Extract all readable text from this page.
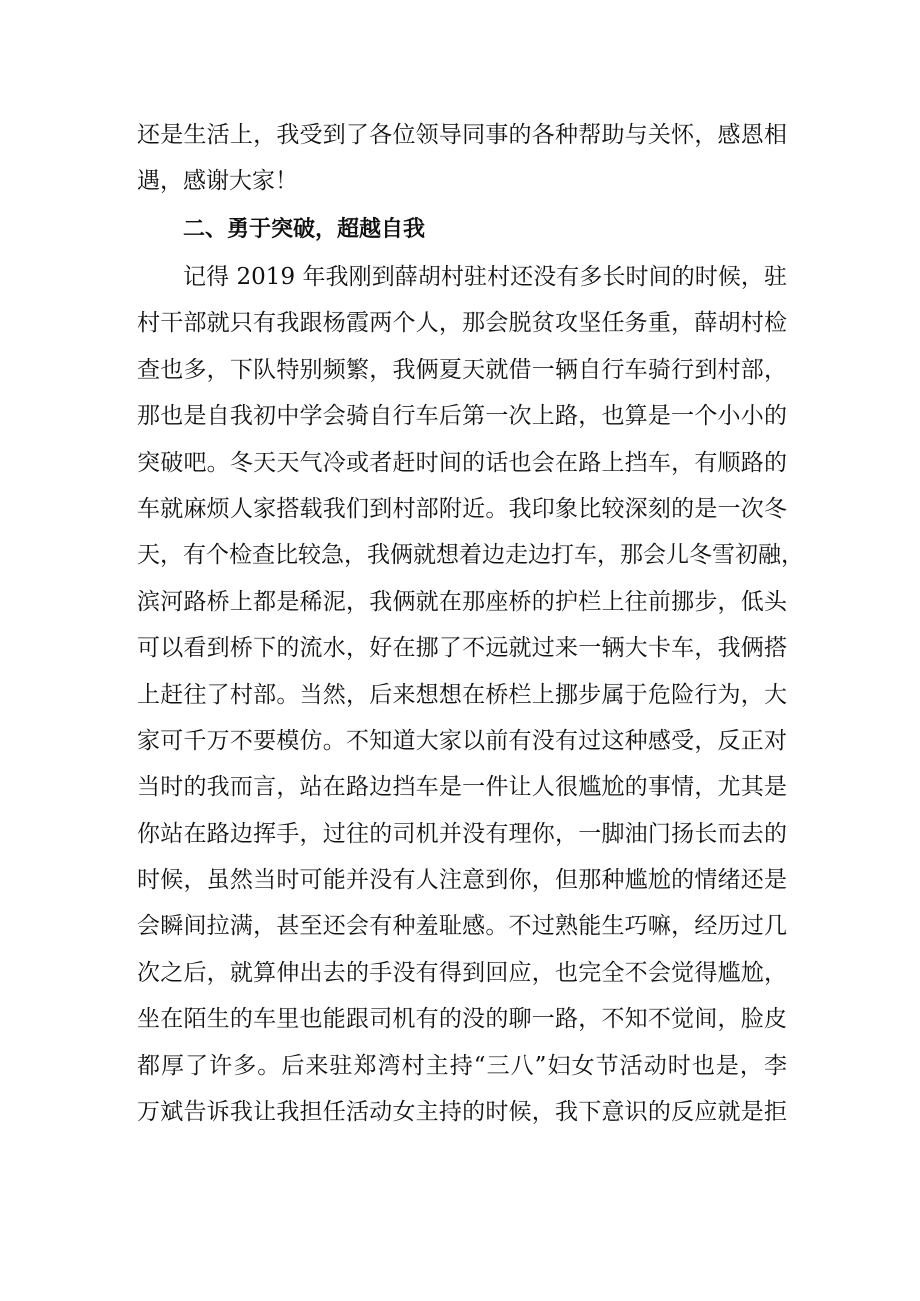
还是生活上，我受到了各位领导同事的各种帮助与关怀，感恩相
遇，感谢大家！
二、勇于突破，超越自我
记得 2019 年我刚到薛胡村驻村还没有多长时间的时候，驻
村干部就只有我跟杨霞两个人，那会脱贫攻坚任务重，薛胡村检
查也多，下队特别频繁，我俩夏天就借一辆自行车骑行到村部，
那也是自我初中学会骑自行车后第一次上路，也算是一个小小的
突破吧。冬天天气冷或者赶时间的话也会在路上挡车，有顺路的
车就麻烦人家搭载我们到村部附近。我印象比较深刻的是一次冬
天，有个检查比较急，我俩就想着边走边打车，那会儿冬雪初融，
滨河路桥上都是稀泥，我俩就在那座桥的护栏上往前挪步，低头
可以看到桥下的流水，好在挪了不远就过来一辆大卡车，我俩搭
上赶往了村部。当然，后来想想在桥栏上挪步属于危险行为，大
家可千万不要模仿。不知道大家以前有没有过这种感受，反正对
当时的我而言，站在路边挡车是一件让人很尴尬的事情，尤其是
你站在路边挥手，过往的司机并没有理你，一脚油门扬长而去的
时候，虽然当时可能并没有人注意到你，但那种尴尬的情绪还是
会瞬间拉满，甚至还会有种羞耻感。不过熟能生巧嘛，经历过几
次之后，就算伸出去的手没有得到回应，也完全不会觉得尴尬，
坐在陌生的车里也能跟司机有的没的聊一路，不知不觉间，脸皮
都厚了许多。后来驻郑湾村主持“三八”妇女节活动时也是，李
万斌告诉我让我担任活动女主持的时候，我下意识的反应就是拒
